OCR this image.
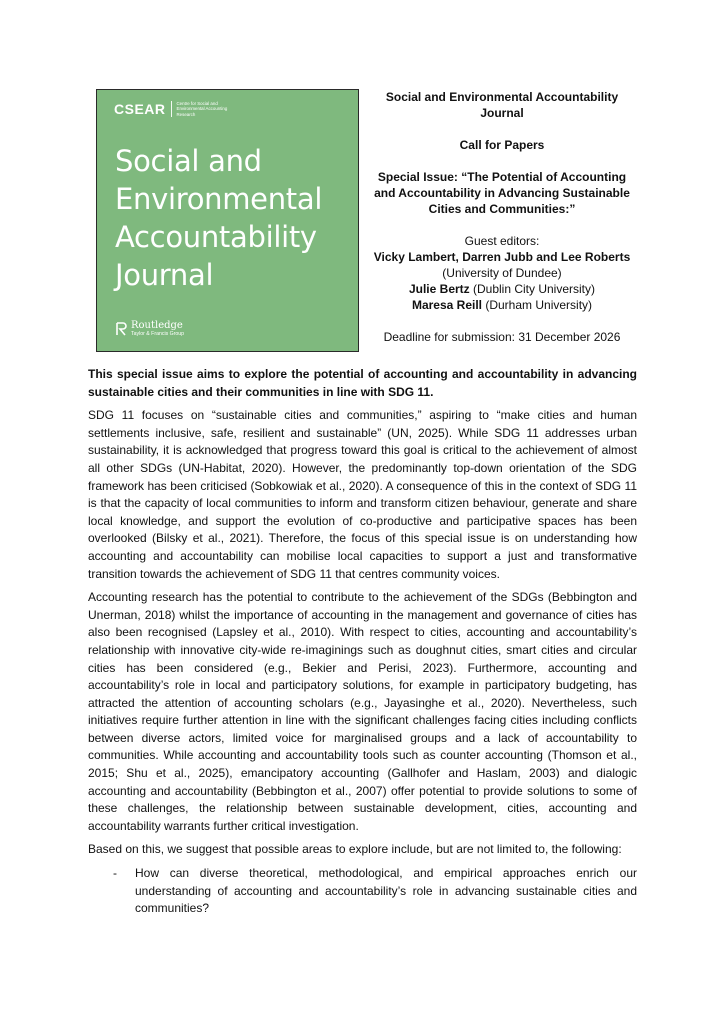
CSEAR	Centre for Social and Environmental Accounting Research
Social and
Environmental
Accountability
Journal
Routledge
Taylor & Francis Group
Social and Environmental Accountability
Journal
Call for Papers
Special Issue: “The Potential of Accounting
and Accountability in Advancing Sustainable
Cities and Communities:”
Guest editors:
Vicky Lambert, Darren Jubb and Lee Roberts
(University of Dundee)
Julie Bertz (Dublin City University)
Maresa Reill (Durham University)
Deadline for submission: 31 December 2026

This special issue aims to explore the potential of accounting and accountability in advancing sustainable cities and their communities in line with SDG 11.

SDG 11 focuses on “sustainable cities and communities,” aspiring to “make cities and human settlements inclusive, safe, resilient and sustainable” (UN, 2025). While SDG 11 addresses urban sustainability, it is acknowledged that progress toward this goal is critical to the achievement of almost all other SDGs (UN-Habitat, 2020). However, the predominantly top-down orientation of the SDG framework has been criticised (Sobkowiak et al., 2020). A consequence of this in the context of SDG 11 is that the capacity of local communities to inform and transform citizen behaviour, generate and share local knowledge, and support the evolution of co-productive and participative spaces has been overlooked (Bilsky et al., 2021). Therefore, the focus of this special issue is on understanding how accounting and accountability can mobilise local capacities to support a just and transformative transition towards the achievement of SDG 11 that centres community voices.

Accounting research has the potential to contribute to the achievement of the SDGs (Bebbington and Unerman, 2018) whilst the importance of accounting in the management and governance of cities has also been recognised (Lapsley et al., 2010). With respect to cities, accounting and accountability’s relationship with innovative city-wide re-imaginings such as doughnut cities, smart cities and circular cities has been considered (e.g., Bekier and Perisi, 2023). Furthermore, accounting and accountability’s role in local and participatory solutions, for example in participatory budgeting, has attracted the attention of accounting scholars (e.g., Jayasinghe et al., 2020). Nevertheless, such initiatives require further attention in line with the significant challenges facing cities including conflicts between diverse actors, limited voice for marginalised groups and a lack of accountability to communities. While accounting and accountability tools such as counter accounting (Thomson et al., 2015; Shu et al., 2025), emancipatory accounting (Gallhofer and Haslam, 2003) and dialogic accounting and accountability (Bebbington et al., 2007) offer potential to provide solutions to some of these challenges, the relationship between sustainable development, cities, accounting and accountability warrants further critical investigation.

Based on this, we suggest that possible areas to explore include, but are not limited to, the following:

- How can diverse theoretical, methodological, and empirical approaches enrich our understanding of accounting and accountability’s role in advancing sustainable cities and communities?
